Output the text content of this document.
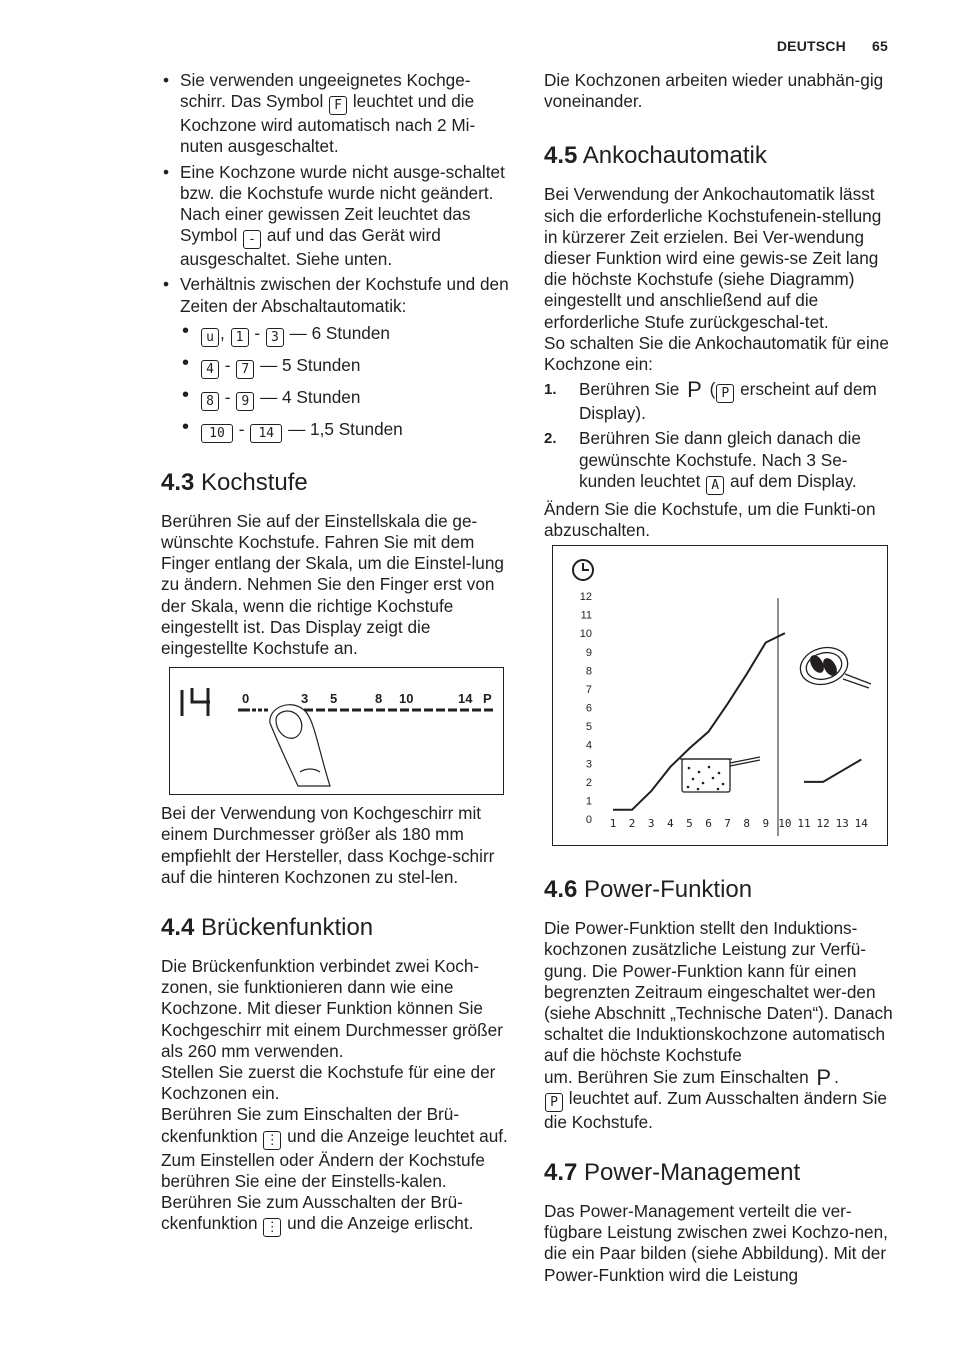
DEUTSCH 65
• Sie verwenden ungeeignetes Kochge-
schirr. Das Symbol F leuchtet und die Kochzone wird automatisch nach 2 Mi-nuten ausgeschaltet.
• Eine Kochzone wurde nicht ausge-schaltet bzw. die Kochstufe wurde nicht geändert. Nach einer gewissen Zeit leuchtet das Symbol - auf und das Gerät wird ausgeschaltet. Siehe unten.
• Verhältnis zwischen der Kochstufe und den Zeiten der Abschaltautomatik:
• u , 1 - 3 — 6 Stunden
• 4 - 7 — 5 Stunden
• 8 - 9 — 4 Stunden
• 10 - 14 — 1,5 Stunden
4.3 Kochstufe

Berühren Sie auf der Einstellskala die ge-wünschte Kochstufe. Fahren Sie mit dem Finger entlang der Skala, um die Einstel-lung zu ändern. Nehmen Sie den Finger erst von der Skala, wenn die richtige Kochstufe eingestellt ist. Das Display zeigt die eingestellte Kochstufe an.

0	3 5	8 10	14 P

Bei der Verwendung von Kochgeschirr mit einem Durchmesser größer als 180 mm empfiehlt der Hersteller, dass Kochge-schirr auf die hinteren Kochzonen zu stel-len.

4.4 Brückenfunktion

Die Brückenfunktion verbindet zwei Koch-zonen, sie funktionieren dann wie eine Kochzone. Mit dieser Funktion können Sie Kochgeschirr mit einem Durchmesser größer als 260 mm verwenden.

Stellen Sie zuerst die Kochstufe für eine der Kochzonen ein.

Berühren Sie zum Einschalten der Brü-
ckenfunktion ⋮ und die Anzeige leuchtet auf. Zum Einstellen oder Ändern der Kochstufe berühren Sie eine der Einstells-kalen.

Berühren Sie zum Ausschalten der Brü-
ckenfunktion ⋮ und die Anzeige erlischt.

Die Kochzonen arbeiten wieder unabhän-gig voneinander.

4.5 Ankochautomatik

Bei Verwendung der Ankochautomatik lässt sich die erforderliche Kochstufenein-stellung in kürzerer Zeit erzielen. Bei Ver-wendung dieser Funktion wird eine gewis-se Zeit lang die höchste Kochstufe (siehe Diagramm) eingestellt und anschließend auf die erforderliche Stufe zurückgeschal-tet.

So schalten Sie die Ankochautomatik für eine Kochzone ein:

1. Berühren Sie P ( P erscheint auf dem Display).
2. Berühren Sie dann gleich danach die gewünschte Kochstufe. Nach 3 Se- kunden leuchtet A auf dem Display.

Ändern Sie die Kochstufe, um die Funkti-on abzuschalten.

0
1
2
3
4
5
6
7
8
9
10
11
12
1 2 3 4 5 6 7 8 9 10 11 12 13 14
4.6 Power-Funktion

Die Power-Funktion stellt den Induktions-kochzonen zusätzliche Leistung zur Verfü-gung. Die Power-Funktion kann für einen begrenzten Zeitraum eingeschaltet wer-den (siehe Abschnitt „Technische Daten“). Danach schaltet die Induktionskochzone automatisch auf die höchste Kochstufe

um. Berühren Sie zum Einschalten P .

P leuchtet auf. Zum Ausschalten ändern Sie die Kochstufe.

4.7 Power-Management

Das Power-Management verteilt die ver-fügbare Leistung zwischen zwei Kochzo-nen, die ein Paar bilden (siehe Abbildung). Mit der Power-Funktion wird die Leistung
